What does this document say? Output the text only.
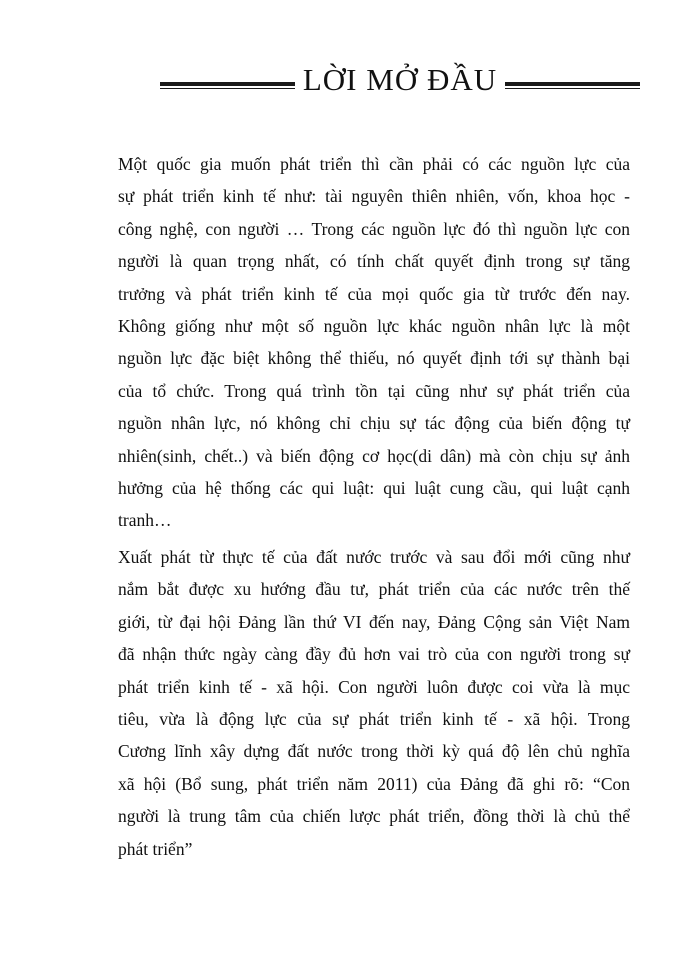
LỜI MỞ ĐẦU
Một quốc gia muốn phát triển thì cần phải có các nguồn lực của
sự phát triển kinh tế như: tài nguyên thiên nhiên, vốn, khoa học -
công nghệ, con người … Trong các nguồn lực đó thì nguồn lực con
người là quan trọng nhất, có tính chất quyết định trong sự tăng
trưởng và phát triển kinh tế của mọi quốc gia từ trước đến nay.
Không giống như một số nguồn lực khác nguồn nhân lực là một
nguồn lực đặc biệt không thể thiếu, nó quyết định tới sự thành bại
của tổ chức. Trong quá trình tồn tại cũng như sự phát triển của
nguồn nhân lực, nó không chỉ chịu sự tác động của biến động tự
nhiên(sinh, chết..) và biến động cơ học(di dân) mà còn chịu sự ảnh
hưởng của hệ thống các qui luật: qui luật cung cầu, qui luật cạnh
tranh…
Xuất phát từ thực tế của đất nước trước và sau đổi mới cũng như
nắm bắt được xu hướng đầu tư, phát triển của các nước trên thế
giới, từ đại hội Đảng lần thứ VI đến nay, Đảng Cộng sản Việt Nam
đã nhận thức ngày càng đầy đủ hơn vai trò của con người trong sự
phát triển kinh tế - xã hội. Con người luôn được coi vừa là mục
tiêu, vừa là động lực của sự phát triển kinh tế - xã hội. Trong
Cương lĩnh xây dựng đất nước trong thời kỳ quá độ lên chủ nghĩa
xã hội (Bổ sung, phát triển năm 2011) của Đảng đã ghi rõ: “Con
người là trung tâm của chiến lược phát triển, đồng thời là chủ thể
phát triển”
